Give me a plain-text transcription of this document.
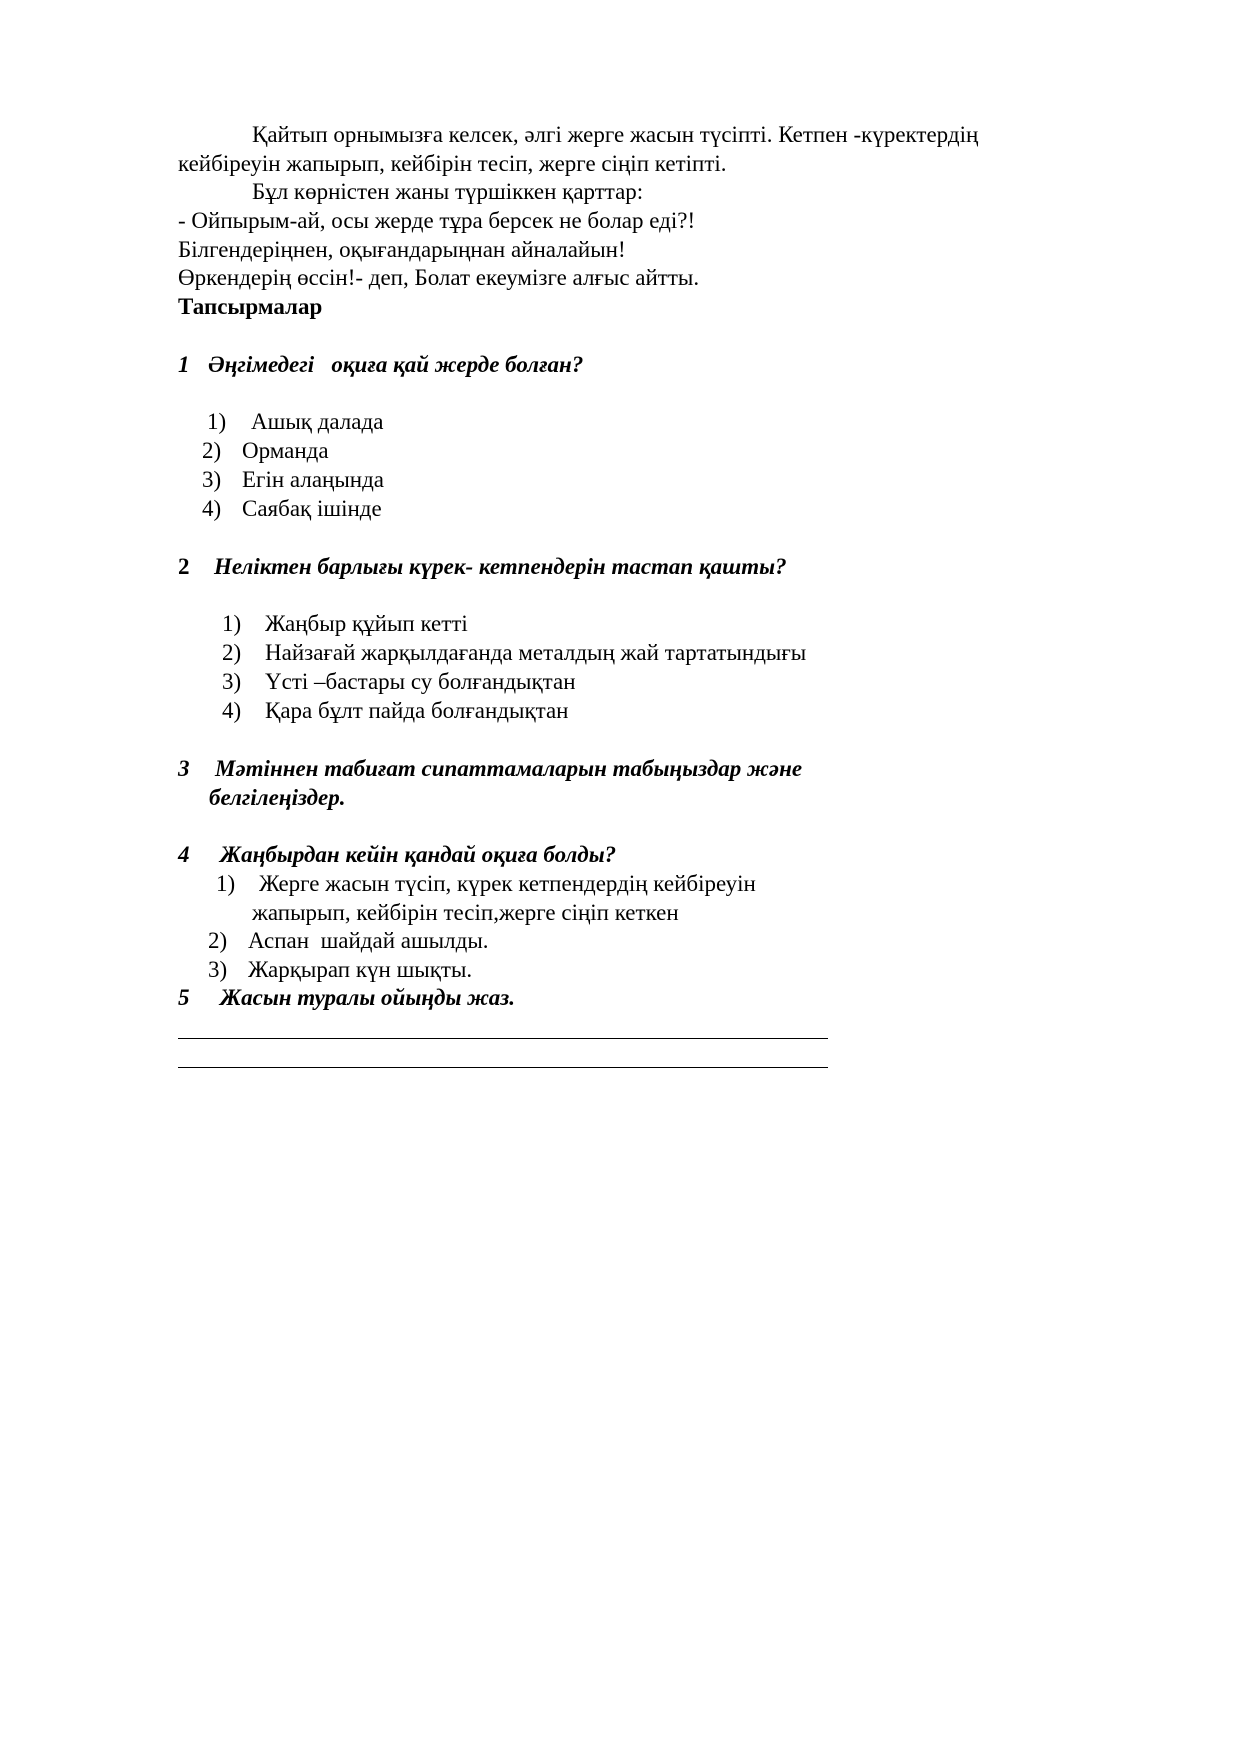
Қайтып орнымызға келсек, әлгі жерге жасын түсіпті. Кетпен -күректердің
кейбіреуін жапырып, кейбірін тесіп, жерге сіңіп кетіпті.
Бұл көрністен жаны түршіккен қарттар:
- Ойпырым-ай, осы жерде тұра берсек не болар еді?!
Білгендеріңнен, оқығандарыңнан айналайын!
Өркендерің өссін!- деп, Болат екеумізге алғыс айтты.
Тапсырмалар
1 Әңгімедегі   оқиға қай жерде болған?
1) Ашық далада
2) Орманда
3) Егін алаңында
4) Саябақ ішінде
2 Неліктен барлығы күрек- кетпендерін тастап қашты?
1) Жаңбыр құйып кетті
2) Найзағай жарқылдағанда металдың жай тартатындығы
3) Үсті –бастары су болғандықтан
4) Қара бұлт пайда болғандықтан
3 Мәтіннен табиғат сипаттамаларын табыңыздар және
белгілеңіздер.
4 Жаңбырдан кейін қандай оқиға болды?
1) Жерге жасын түсіп, күрек кетпендердің кейбіреуін
жапырып, кейбірін тесіп,жерге сіңіп кеткен
2) Аспан  шайдай ашылды.
3) Жарқырап күн шықты.
5 Жасын туралы ойыңды жаз.
